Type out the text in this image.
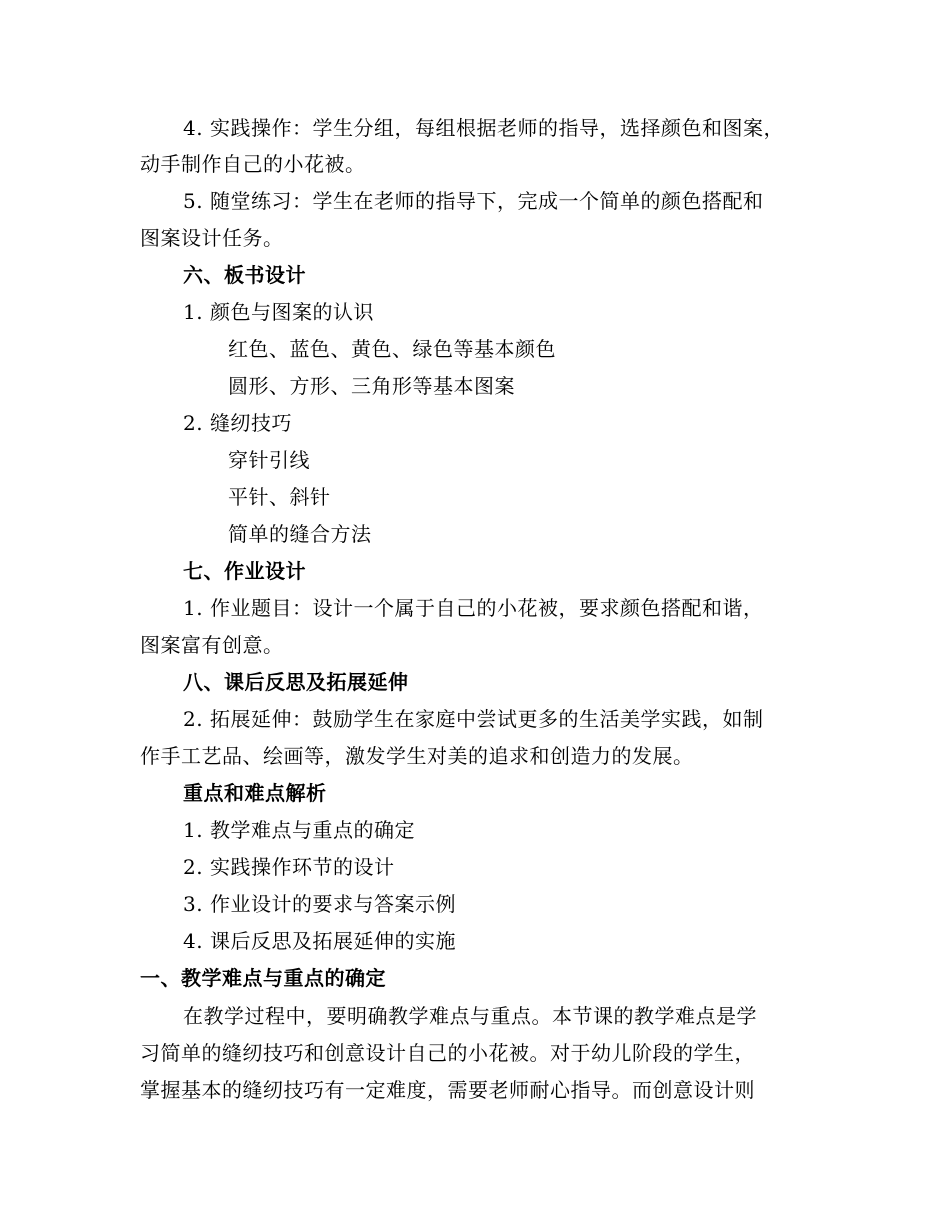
4. 实践操作：学生分组，每组根据老师的指导，选择颜色和图案，
动手制作自己的小花被。
5. 随堂练习：学生在老师的指导下，完成一个简单的颜色搭配和
图案设计任务。
六、板书设计
1. 颜色与图案的认识
红色、蓝色、黄色、绿色等基本颜色
圆形、方形、三角形等基本图案
2. 缝纫技巧
穿针引线
平针、斜针
简单的缝合方法
七、作业设计
1. 作业题目：设计一个属于自己的小花被，要求颜色搭配和谐，
图案富有创意。
八、课后反思及拓展延伸
2. 拓展延伸：鼓励学生在家庭中尝试更多的生活美学实践，如制
作手工艺品、绘画等，激发学生对美的追求和创造力的发展。
重点和难点解析
1. 教学难点与重点的确定
2. 实践操作环节的设计
3. 作业设计的要求与答案示例
4. 课后反思及拓展延伸的实施
一、教学难点与重点的确定
在教学过程中，要明确教学难点与重点。本节课的教学难点是学
习简单的缝纫技巧和创意设计自己的小花被。对于幼儿阶段的学生，
掌握基本的缝纫技巧有一定难度，需要老师耐心指导。而创意设计则
